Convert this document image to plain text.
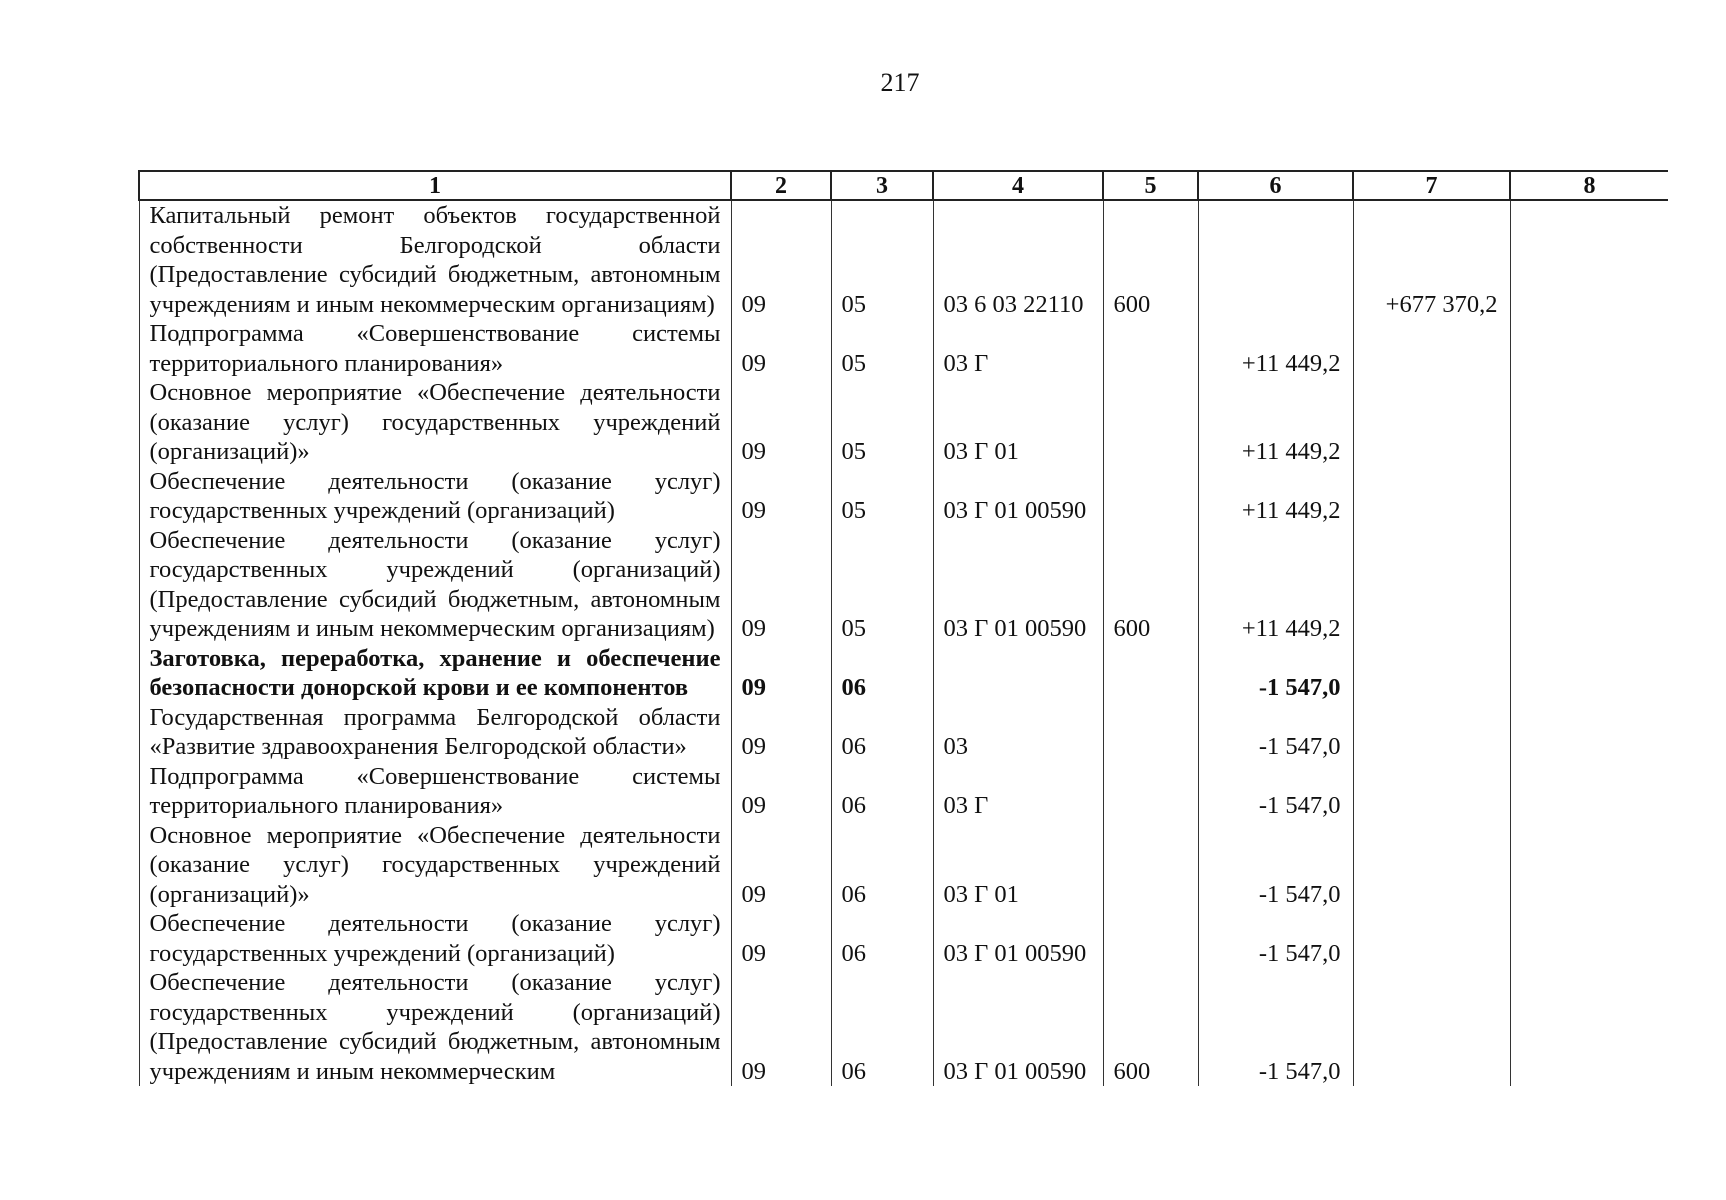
217
1	2	3	4	5	6	7	8
Капитальный ремонт объектов государственной собственности Белгородской области (Предоставление субсидий бюджетным, автономным учреждениям и иным некоммерческим организациям)	09	05	03 6 03 22110	600		+677 370,2	
Подпрограмма «Совершенствование системы территориального планирования»	09	05	03 Г		+11 449,2		
Основное мероприятие «Обеспечение деятельности (оказание услуг) государственных учреждений (организаций)»	09	05	03 Г 01		+11 449,2		
Обеспечение деятельности (оказание услуг) государственных учреждений (организаций)	09	05	03 Г 01 00590		+11 449,2		
Обеспечение деятельности (оказание услуг) государственных учреждений (организаций) (Предоставление субсидий бюджетным, автономным учреждениям и иным некоммерческим организациям)	09	05	03 Г 01 00590	600	+11 449,2		
Заготовка, переработка, хранение и обеспечение безопасности донорской крови и ее компонентов	09	06			-1 547,0		
Государственная программа Белгородской области «Развитие здравоохранения Белгородской области»	09	06	03		-1 547,0		
Подпрограмма «Совершенствование системы территориального планирования»	09	06	03 Г		-1 547,0		
Основное мероприятие «Обеспечение деятельности (оказание услуг) государственных учреждений (организаций)»	09	06	03 Г 01		-1 547,0		
Обеспечение деятельности (оказание услуг) государственных учреждений (организаций)	09	06	03 Г 01 00590		-1 547,0		
Обеспечение деятельности (оказание услуг) государственных учреждений (организаций) (Предоставление субсидий бюджетным, автономным учреждениям и иным некоммерческим	09	06	03 Г 01 00590	600	-1 547,0		
